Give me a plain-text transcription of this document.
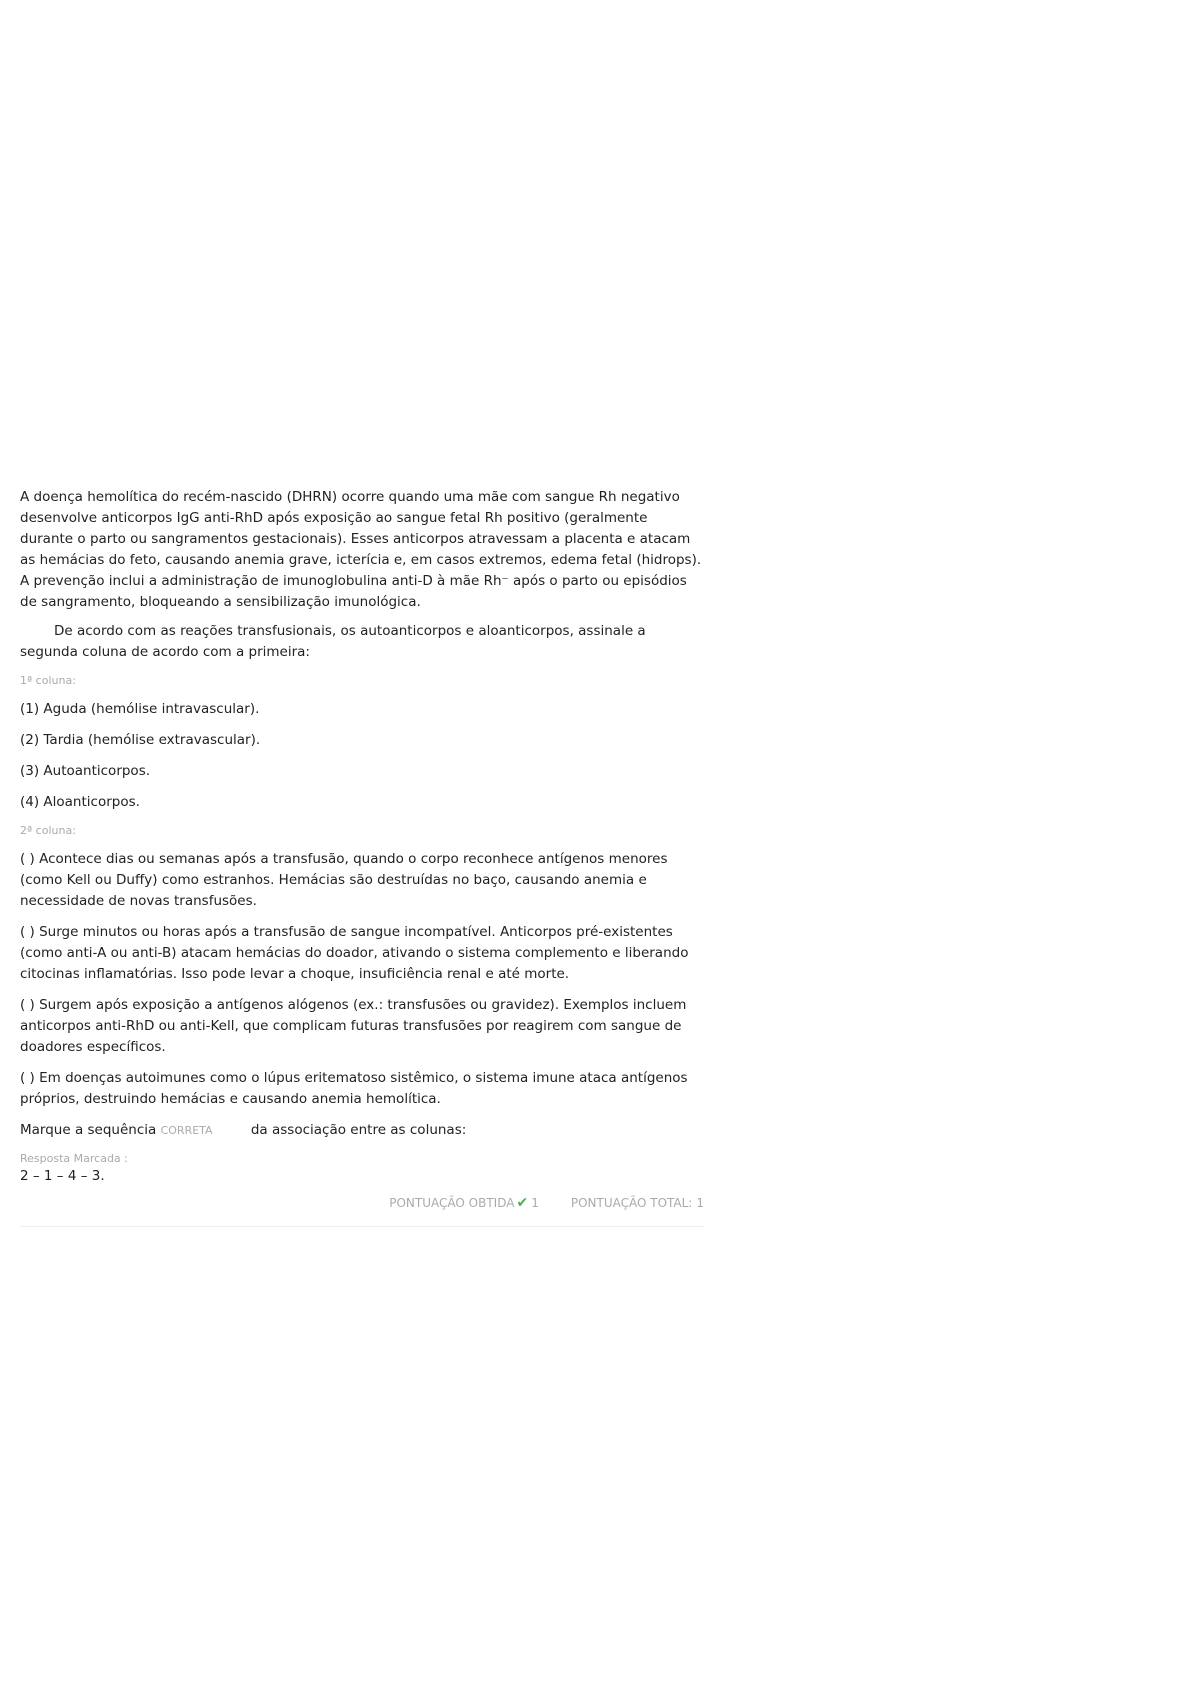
A doença hemolítica do recém-nascido (DHRN) ocorre quando uma mãe com sangue Rh negativo desenvolve anticorpos IgG anti-RhD após exposição ao sangue fetal Rh positivo (geralmente durante o parto ou sangramentos gestacionais). Esses anticorpos atravessam a placenta e atacam as hemácias do feto, causando anemia grave, icterícia e, em casos extremos, edema fetal (hidrops). A prevenção inclui a administração de imunoglobulina anti-D à mãe Rh⁻ após o parto ou episódios de sangramento, bloqueando a sensibilização imunológica.

De acordo com as reações transfusionais, os autoanticorpos e aloanticorpos, assinale a segunda coluna de acordo com a primeira:

1ª coluna:

(1) Aguda (hemólise intravascular).

(2) Tardia (hemólise extravascular).

(3) Autoanticorpos.

(4) Aloanticorpos.

2ª coluna:

( ) Acontece dias ou semanas após a transfusão, quando o corpo reconhece antígenos menores (como Kell ou Duffy) como estranhos. Hemácias são destruídas no baço, causando anemia e necessidade de novas transfusões.

( ) Surge minutos ou horas após a transfusão de sangue incompatível. Anticorpos pré-existentes (como anti-A ou anti-B) atacam hemácias do doador, ativando o sistema complemento e liberando citocinas inflamatórias. Isso pode levar a choque, insuficiência renal e até morte.

( ) Surgem após exposição a antígenos alógenos (ex.: transfusões ou gravidez). Exemplos incluem anticorpos anti-RhD ou anti-Kell, que complicam futuras transfusões por reagirem com sangue de doadores específicos.

( ) Em doenças autoimunes como o lúpus eritematoso sistêmico, o sistema imune ataca antígenos próprios, destruindo hemácias e causando anemia hemolítica.

Marque a sequência CORRETA	da associação entre as colunas:

Resposta Marcada :

2 – 1 – 4 – 3.

PONTUAÇÃO OBTIDA ✔ 1	PONTUAÇÃO TOTAL: 1
